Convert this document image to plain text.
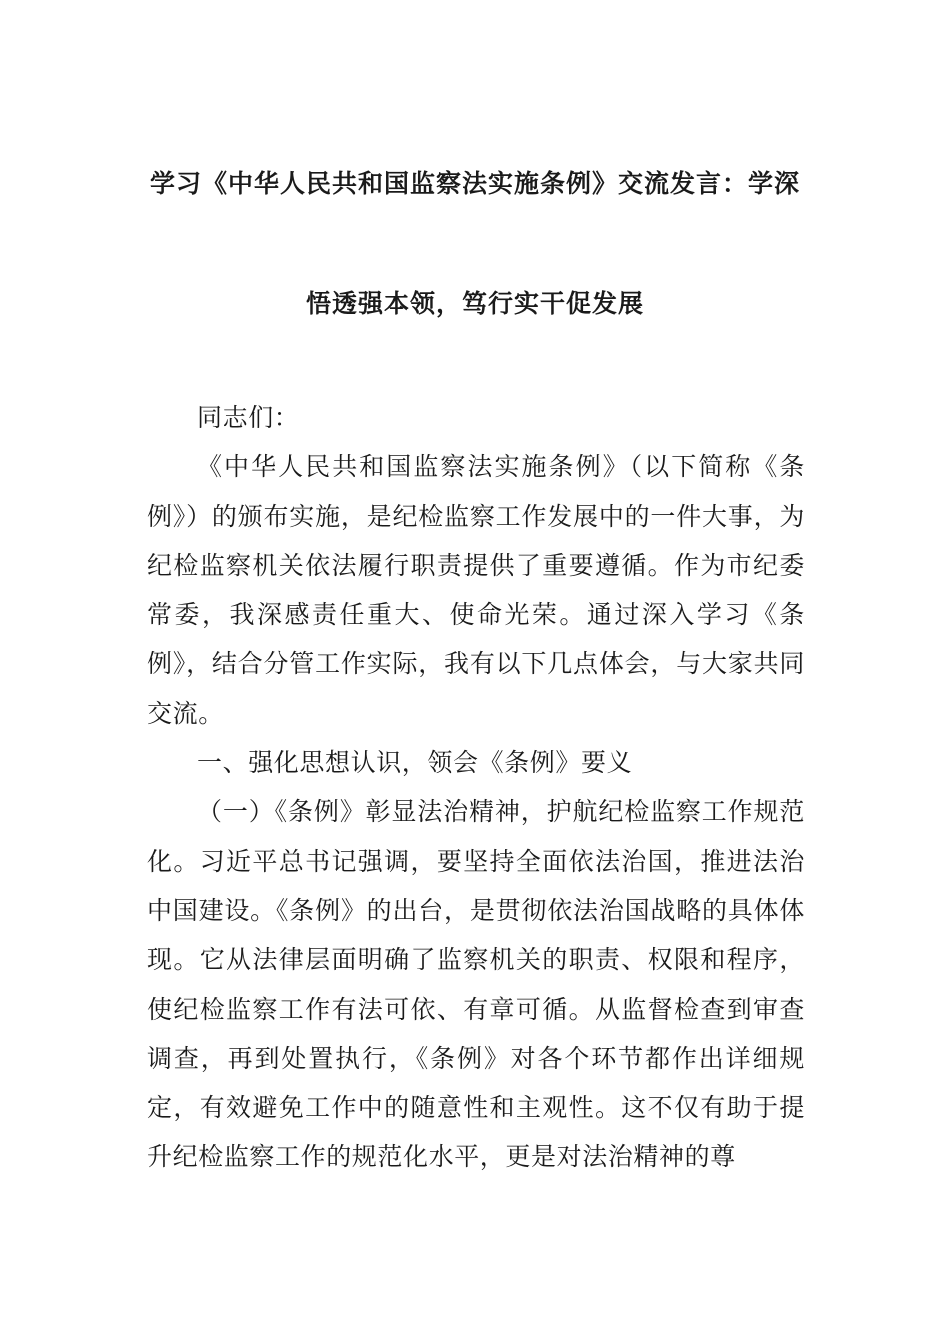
学习《中华人民共和国监察法实施条例》交流发言：学深
悟透强本领，笃行实干促发展

同志们：

《中华人民共和国监察法实施条例》（以下简称《条例》）的颁布实施，是纪检监察工作发展中的一件大事，为纪检监察机关依法履行职责提供了重要遵循。作为市纪委常委，我深感责任重大、使命光荣。通过深入学习《条例》，结合分管工作实际，我有以下几点体会，与大家共同交流。

一、强化思想认识，领会《条例》要义

（一）《条例》彰显法治精神，护航纪检监察工作规范化。习近平总书记强调，要坚持全面依法治国，推进法治中国建设。《条例》的出台，是贯彻依法治国战略的具体体现。它从法律层面明确了监察机关的职责、权限和程序，使纪检监察工作有法可依、有章可循。从监督检查到审查调查，再到处置执行，《条例》对各个环节都作出详细规定，有效避免工作中的随意性和主观性。这不仅有助于提升纪检监察工作的规范化水平，更是对法治精神的尊
